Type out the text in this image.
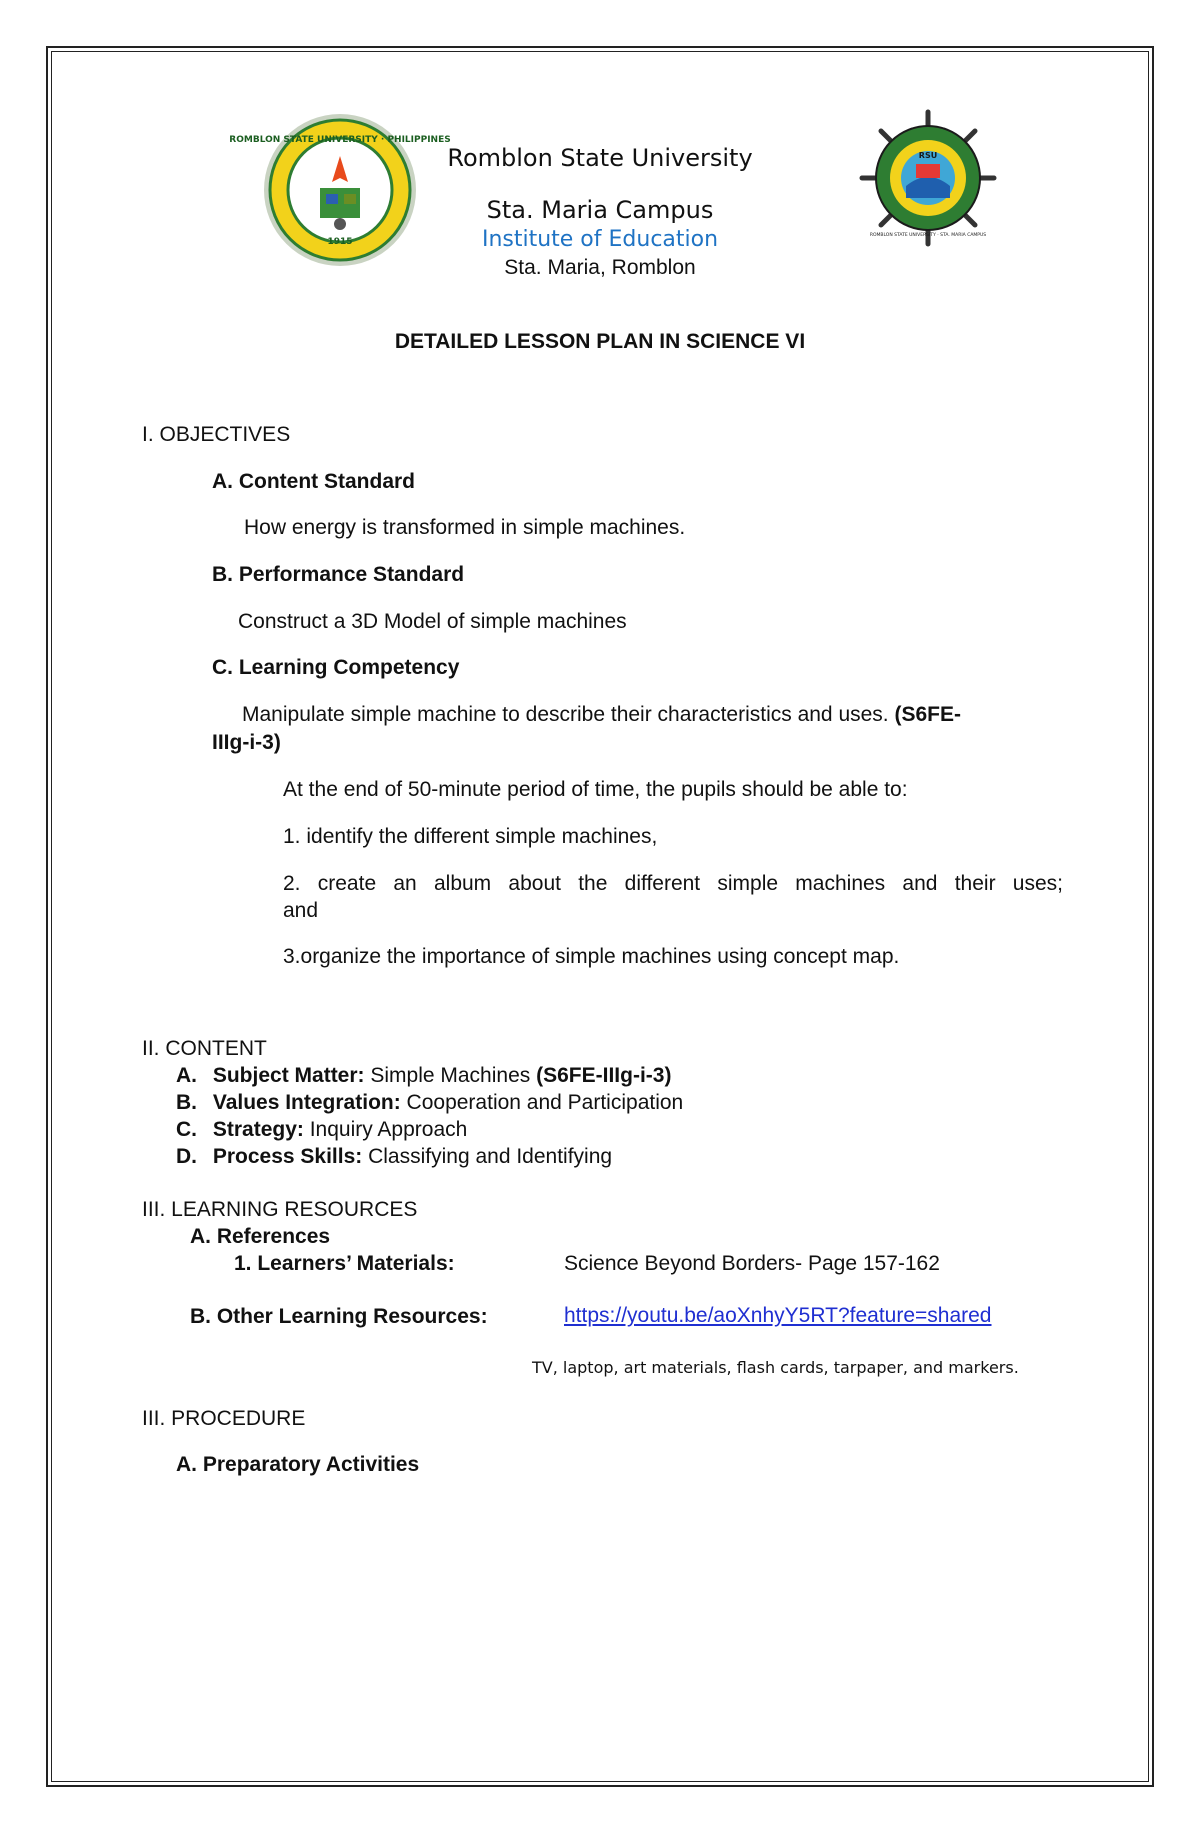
ROMBLON STATE UNIVERSITY · PHILIPPINES
1915
RSU
ROMBLON STATE UNIVERSITY · STA. MARIA CAMPUS
Romblon State University
Sta. Maria Campus
Institute of Education
Sta. Maria, Romblon
DETAILED LESSON PLAN IN SCIENCE VI
I. OBJECTIVES
A. Content Standard
How energy is transformed in simple machines.
B. Performance Standard
Construct a 3D Model of simple machines
C. Learning Competency
Manipulate simple machine to describe their characteristics and uses. (S6FE-
IIIg-i-3)
At the end of 50-minute period of time, the pupils should be able to:
1. identify the different simple machines,
2. create an album about the different simple machines and their uses;
and
3.organize the importance of simple machines using concept map.
II. CONTENT
A. Subject Matter: Simple Machines (S6FE-IIIg-i-3)
B. Values Integration: Cooperation and Participation
C. Strategy: Inquiry Approach
D. Process Skills: Classifying and Identifying
III. LEARNING RESOURCES
A. References
1. Learners’ Materials:	Science Beyond Borders- Page 157-162
B. Other Learning Resources:	https://youtu.be/aoXnhyY5RT?feature=shared
TV, laptop, art materials, flash cards, tarpaper, and markers.
III. PROCEDURE
A. Preparatory Activities
